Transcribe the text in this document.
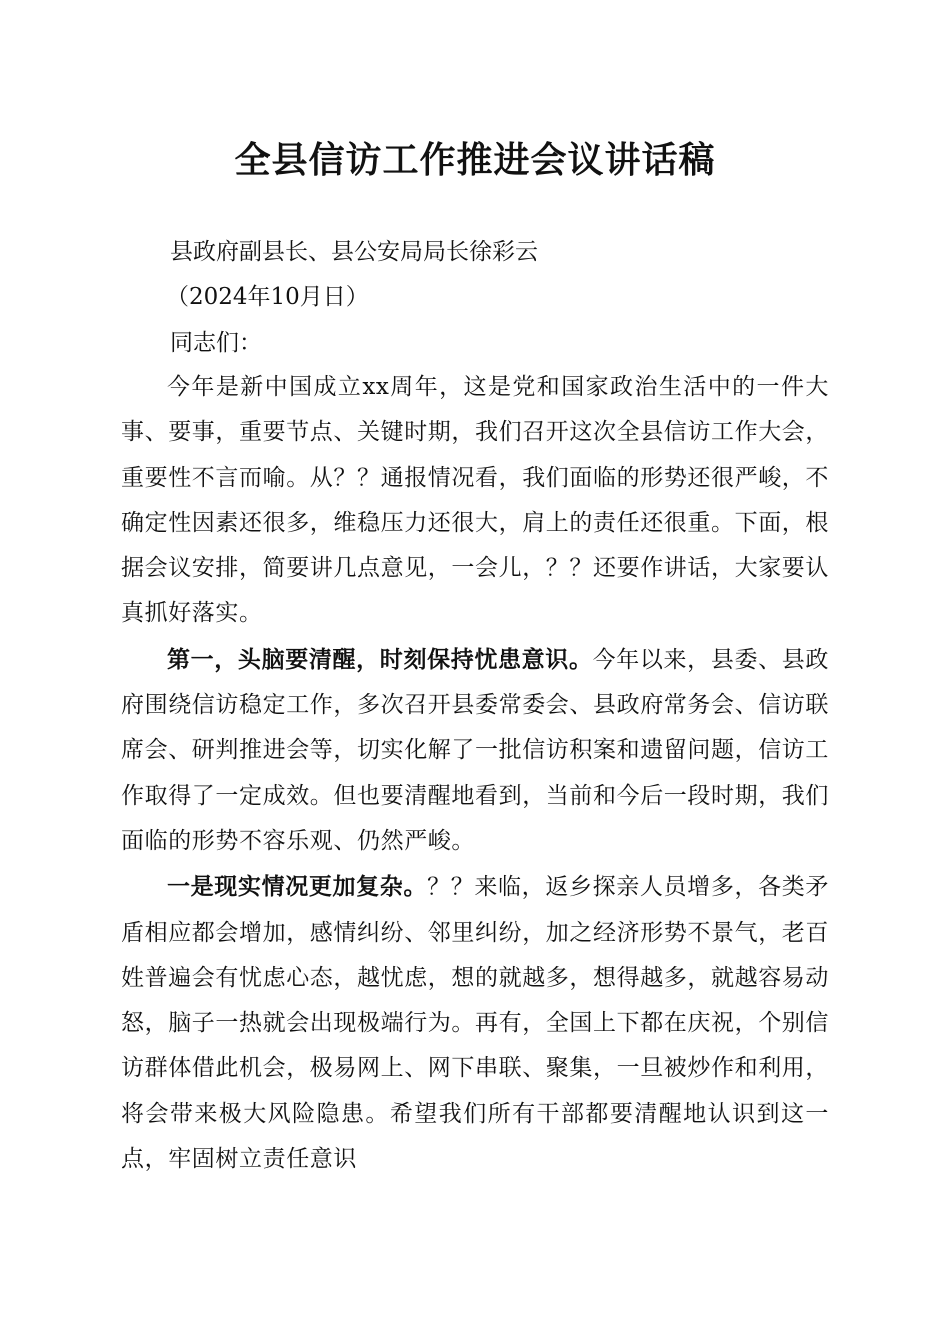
全县信访工作推进会议讲话稿
县政府副县长、县公安局局长徐彩云
（2024年10月日）
同志们：

今年是新中国成立xx周年，这是党和国家政治生活中的一件大事、要事，重要节点、关键时期，我们召开这次全县信访工作大会，重要性不言而喻。从？？通报情况看，我们面临的形势还很严峻，不确定性因素还很多，维稳压力还很大，肩上的责任还很重。下面，根据会议安排，简要讲几点意见，一会儿，？？还要作讲话，大家要认真抓好落实。

第一，头脑要清醒，时刻保持忧患意识。今年以来，县委、县政府围绕信访稳定工作，多次召开县委常委会、县政府常务会、信访联席会、研判推进会等，切实化解了一批信访积案和遗留问题，信访工作取得了一定成效。但也要清醒地看到，当前和今后一段时期，我们面临的形势不容乐观、仍然严峻。

一是现实情况更加复杂。？？来临，返乡探亲人员增多，各类矛盾相应都会增加，感情纠纷、邻里纠纷，加之经济形势不景气，老百姓普遍会有忧虑心态，越忧虑，想的就越多，想得越多，就越容易动怒，脑子一热就会出现极端行为。再有，全国上下都在庆祝，个别信访群体借此机会，极易网上、网下串联、聚集，一旦被炒作和利用，将会带来极大风险隐患。希望我们所有干部都要清醒地认识到这一点，牢固树立责任意识
